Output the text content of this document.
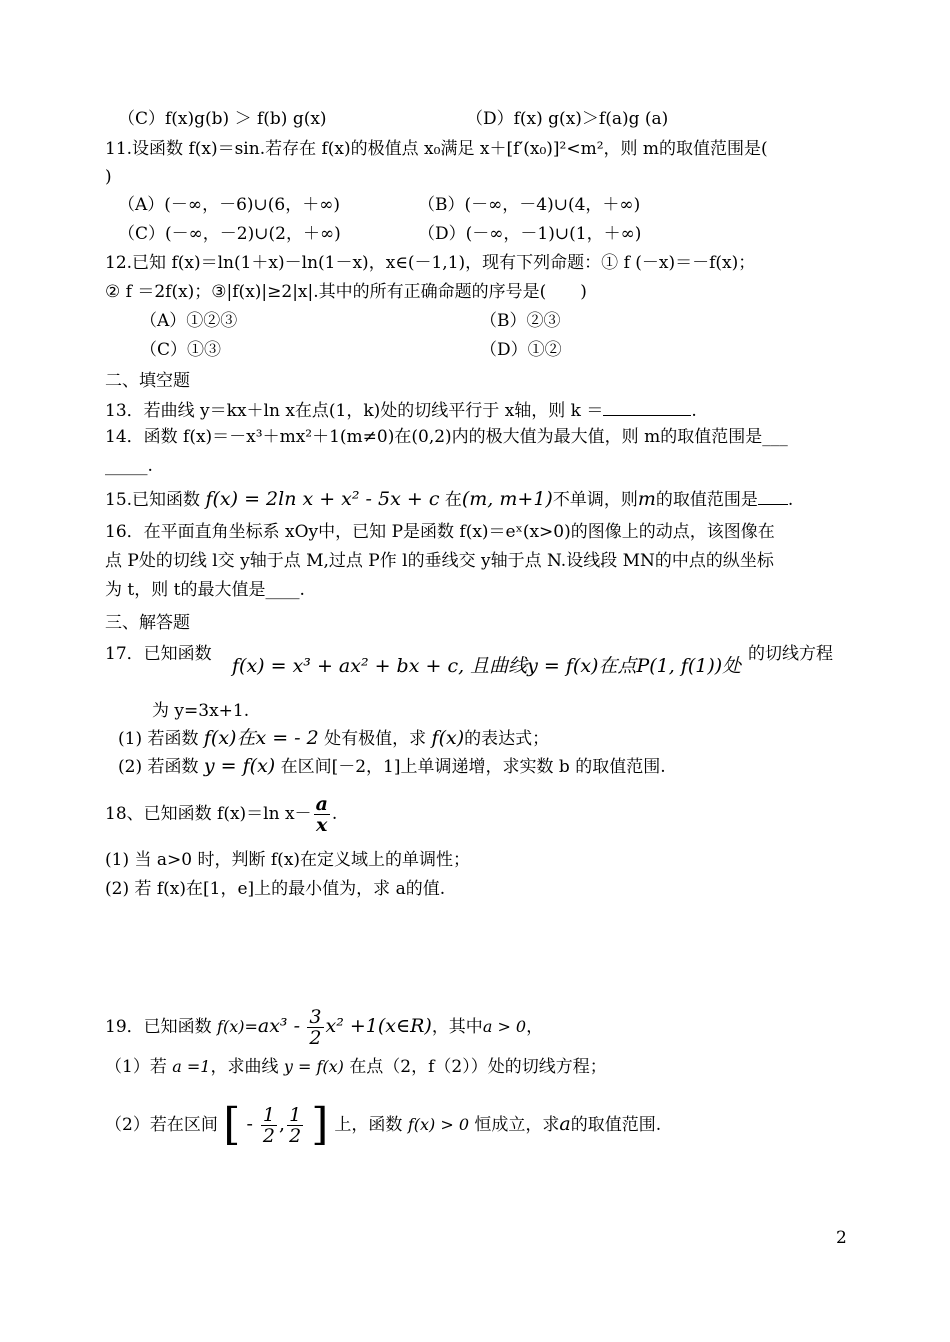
（C）f(x)g(b) ＞ f(b) g(x)	（D）f(x) g(x)＞f(a)g (a)
11.设函数 f(x)＝sin.若存在 f(x)的极值点 x₀满足 x＋[f′(x₀)]²<m²，则 m的取值范围是(
)
（A）(－∞，－6)∪(6，＋∞)	（B）(－∞，－4)∪(4，＋∞)
（C）(－∞，－2)∪(2，＋∞)	（D）(－∞，－1)∪(1，＋∞)
12.已知 f(x)＝ln(1＋x)－ln(1－x)，x∈(－1,1)，现有下列命题：① f (－x)＝－f(x)；
② f ＝2f(x)；③|f(x)|≥2|x|.其中的所有正确命题的序号是(　　)
（A）①②③	（B）②③
（C）①③	（D）①②
二、填空题
13．若曲线 y＝kx＋ln x在点(1，k)处的切线平行于 x轴，则 k ＝	.
14．函数 f(x)＝－x³＋mx²＋1(m≠0)在(0,2)内的极大值为最大值，则 m的取值范围是___
_____.
15.已知函数 f(x) = 2ln x + x² - 5x + c 在(m, m+1)不单调，则m的取值范围是 .
16．在平面直角坐标系 xOy中，已知 P是函数 f(x)＝eˣ(x>0)的图像上的动点，该图像在
点 P处的切线 l交 y轴于点 M,过点 P作 l的垂线交 y轴于点 N.设线段 MN的中点的纵坐标
为 t，则 t的最大值是____.
三、解答题
17．已知函数
f(x) = x³ + ax² + bx + c, 且曲线y = f(x)在点P(1, f(1))处
的切线方程
为 y=3x+1.
(1) 若函数 f(x)在x = - 2 处有极值，求 f(x)的表达式；
(2) 若函数 y = f(x) 在区间[－2，1]上单调递增，求实数 b 的取值范围.
18、已知函数 f(x)＝ln $x- \frac{a}{x}$ .
(1) 当 a>0 时，判断 f(x)在定义域上的单调性；
(2) 若 f(x)在[1，e]上的最小值为，求 a的值.
19．已知函数 $f(x)=ax^3 - \frac{3}{2} x^2$ +1(x∈R)，其中a > 0，
（1）若 a =1，求曲线 y = f(x) 在点（2，f（2））处的切线方程；
（2）若在区间 [ - $\frac{1}{2}$ , $\frac{1}{2}$ ] 上，函数 f(x) > 0 恒成立，求a的取值范围.
2
